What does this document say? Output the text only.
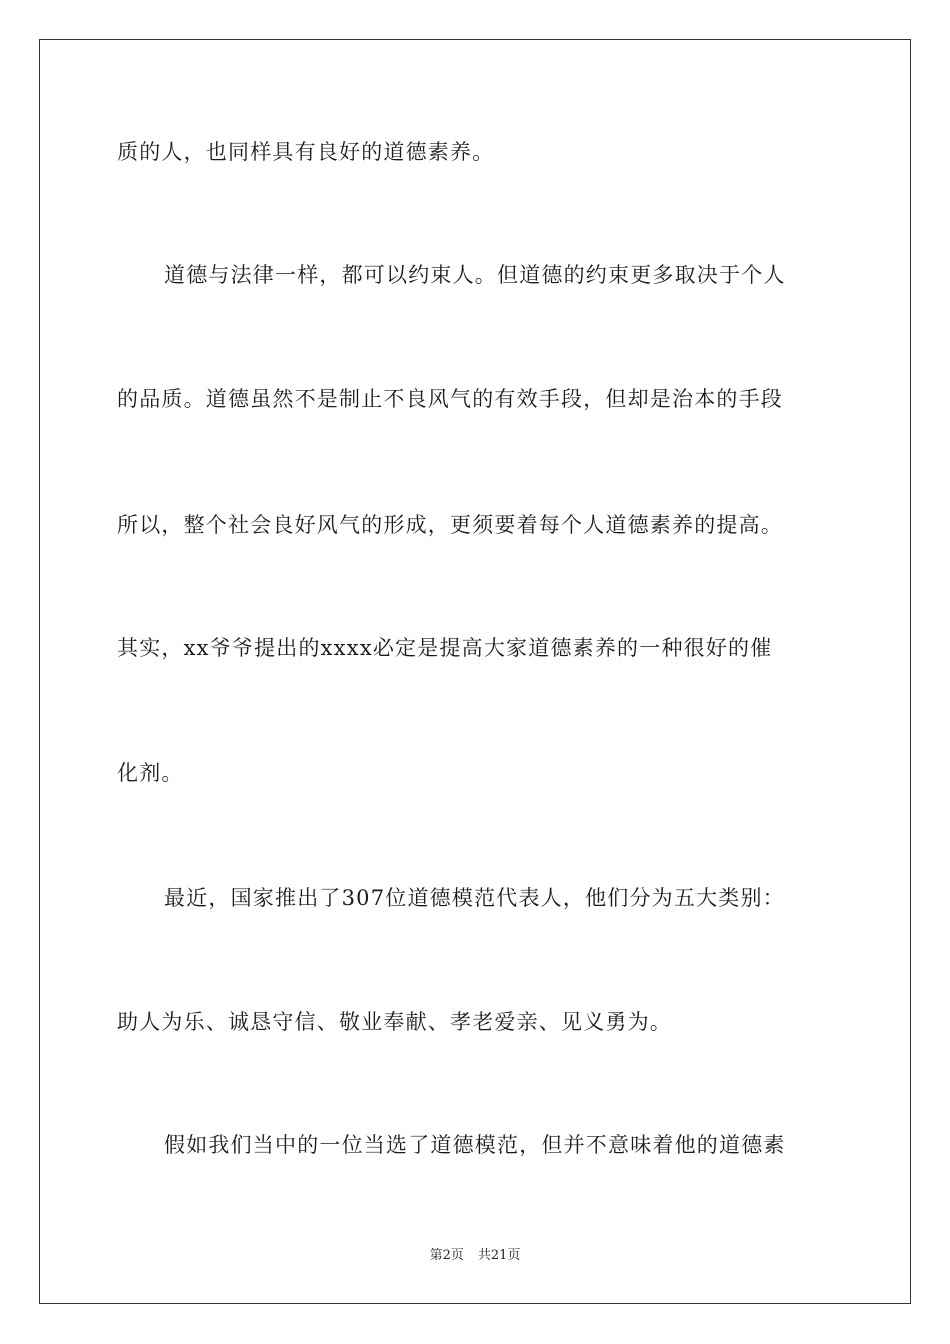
质的人，也同样具有良好的道德素养。
道德与法律一样，都可以约束人。但道德的约束更多取决于个人
的品质。道德虽然不是制止不良风气的有效手段，但却是治本的手段
所以，整个社会良好风气的形成，更须要着每个人道德素养的提高。
其实，xx爷爷提出的xxxx必定是提高大家道德素养的一种很好的催
化剂。
最近，国家推出了307位道德模范代表人，他们分为五大类别：
助人为乐、诚恳守信、敬业奉献、孝老爱亲、见义勇为。
假如我们当中的一位当选了道德模范，但并不意味着他的道德素
第2页 共21页
